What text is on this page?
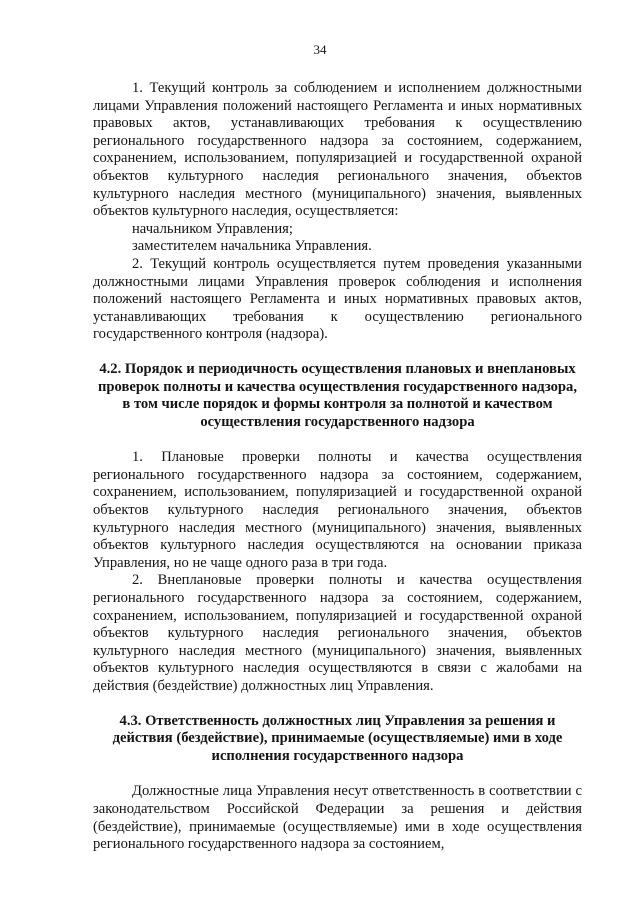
34

1. Текущий контроль за соблюдением и исполнением должностными лицами Управления положений настоящего Регламента и иных нормативных правовых актов, устанавливающих требования к осуществлению регионального государственного надзора за состоянием, содержанием, сохранением, использованием, популяризацией и государственной охраной объектов культурного наследия регионального значения, объектов культурного наследия местного (муниципального) значения, выявленных объектов культурного наследия, осуществляется:

начальником Управления;

заместителем начальника Управления.

2. Текущий контроль осуществляется путем проведения указанными должностными лицами Управления проверок соблюдения и исполнения положений настоящего Регламента и иных нормативных правовых актов, устанавливающих требования к осуществлению регионального государственного контроля (надзора).

4.2. Порядок и периодичность осуществления плановых и внеплановых проверок полноты и качества осуществления государственного надзора, в том числе порядок и формы контроля за полнотой и качеством осуществления государственного надзора

1. Плановые проверки полноты и качества осуществления регионального государственного надзора за состоянием, содержанием, сохранением, использованием, популяризацией и государственной охраной объектов культурного наследия регионального значения, объектов культурного наследия местного (муниципального) значения, выявленных объектов культурного наследия осуществляются на основании приказа Управления, но не чаще одного раза в три года.

2. Внеплановые проверки полноты и качества осуществления регионального государственного надзора за состоянием, содержанием, сохранением, использованием, популяризацией и государственной охраной объектов культурного наследия регионального значения, объектов культурного наследия местного (муниципального) значения, выявленных объектов культурного наследия осуществляются в связи с жалобами на действия (бездействие) должностных лиц Управления.

4.3. Ответственность должностных лиц Управления за решения и действия (бездействие), принимаемые (осуществляемые) ими в ходе исполнения государственного надзора

Должностные лица Управления несут ответственность в соответствии с законодательством Российской Федерации за решения и действия (бездействие), принимаемые (осуществляемые) ими в ходе осуществления регионального государственного надзора за состоянием,
